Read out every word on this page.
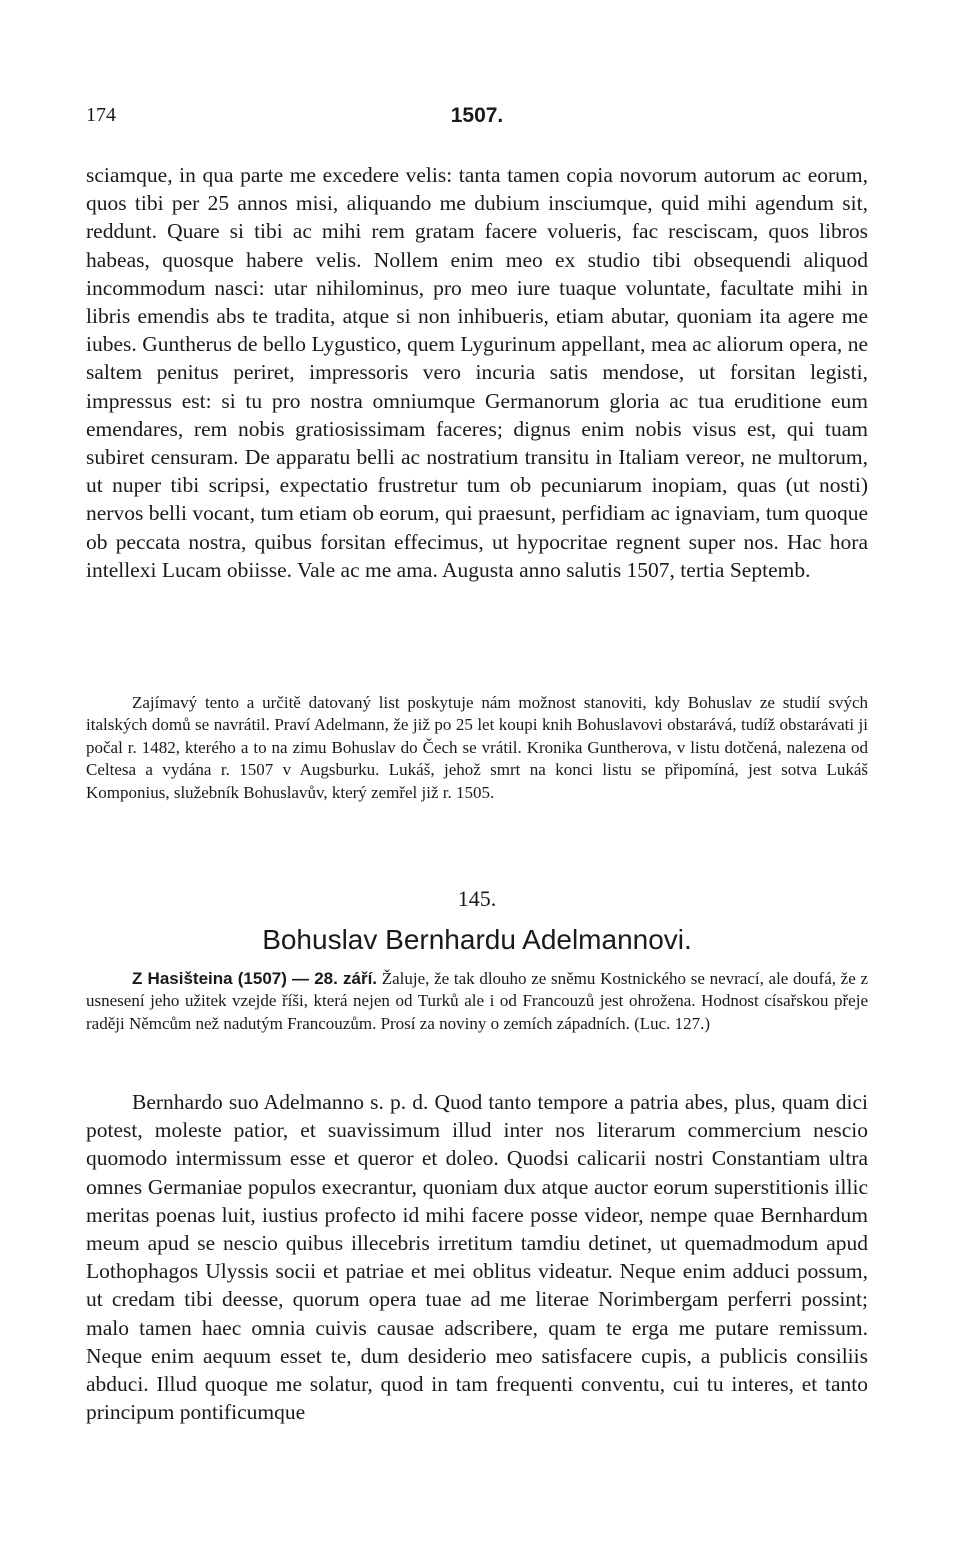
174	1507.

sciamque, in qua parte me excedere velis: tanta tamen copia novorum autorum ac eorum, quos tibi per 25 annos misi, aliquando me dubium insciumque, quid mihi agendum sit, reddunt. Quare si tibi ac mihi rem gratam facere volueris, fac resciscam, quos libros habeas, quosque habere velis. Nollem enim meo ex studio tibi obsequendi aliquod incommodum nasci: utar nihilominus, pro meo iure tuaque voluntate, facultate mihi in libris emendis abs te tradita, atque si non inhibueris, etiam abutar, quoniam ita agere me iubes. Guntherus de bello Lygustico, quem Lygurinum appellant, mea ac aliorum opera, ne saltem penitus periret, impressoris vero incuria satis mendose, ut forsitan legisti, impressus est: si tu pro nostra omniumque Germanorum gloria ac tua eruditione eum emendares, rem nobis gratiosissimam faceres; dignus enim nobis visus est, qui tuam subiret censuram. De apparatu belli ac nostratium transitu in Italiam vereor, ne multorum, ut nuper tibi scripsi, expectatio frustretur tum ob pecuniarum inopiam, quas (ut nosti) nervos belli vocant, tum etiam ob eorum, qui praesunt, perfidiam ac ignaviam, tum quoque ob peccata nostra, quibus forsitan effecimus, ut hypocritae regnent super nos. Hac hora intellexi Lucam obiisse. Vale ac me ama. Augusta anno salutis 1507, tertia Septemb.

Zajímavý tento a určitě datovaný list poskytuje nám možnost stanoviti, kdy Bohuslav ze studií svých italských domů se navrátil. Praví Adelmann, že již po 25 let koupi knih Bohuslavovi obstarává, tudíž obstarávati ji počal r. 1482, kterého a to na zimu Bohuslav do Čech se vrátil. Kronika Guntherova, v listu dotčená, nalezena od Celtesa a vydána r. 1507 v Augsburku. Lukáš, jehož smrt na konci listu se připomíná, jest sotva Lukáš Komponius, služebník Bohuslavův, který zemřel již r. 1505.

145.
Bohuslav Bernhardu Adelmannovi.

Z Hasišteina (1507) — 28. září. Žaluje, že tak dlouho ze sněmu Kostnického se nevrací, ale doufá, že z usnesení jeho užitek vzejde říši, která nejen od Turků ale i od Francouzů jest ohrožena. Hodnost císařskou přeje raději Němcům než nadutým Francouzům. Prosí za noviny o zemích západních. (Luc. 127.)

Bernhardo suo Adelmanno s. p. d. Quod tanto tempore a patria abes, plus, quam dici potest, moleste patior, et suavissimum illud inter nos literarum commercium nescio quomodo intermissum esse et queror et doleo. Quodsi calicarii nostri Constantiam ultra omnes Germaniae populos execrantur, quoniam dux atque auctor eorum superstitionis illic meritas poenas luit, iustius profecto id mihi facere posse videor, nempe quae Bernhardum meum apud se nescio quibus illecebris irretitum tamdiu detinet, ut quemadmodum apud Lothophagos Ulyssis socii et patriae et mei oblitus videatur. Neque enim adduci possum, ut credam tibi deesse, quorum opera tuae ad me literae Norimbergam perferri possint; malo tamen haec omnia cuivis causae adscribere, quam te erga me putare remissum. Neque enim aequum esset te, dum desiderio meo satisfacere cupis, a publicis consiliis abduci. Illud quoque me solatur, quod in tam frequenti conventu, cui tu interes, et tanto principum pontificumque
